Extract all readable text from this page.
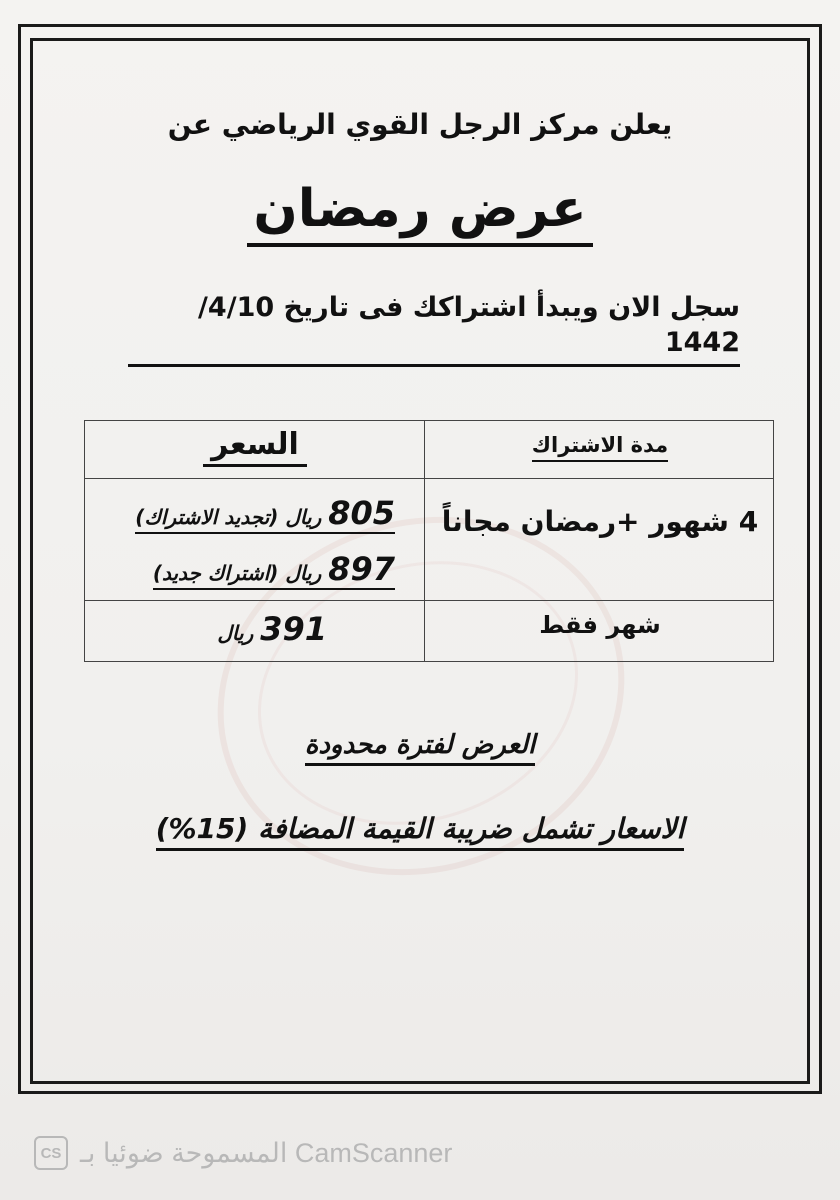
يعلن مركز الرجل القوي الرياضي عن
عرض رمضان
سجل الان ويبدأ اشتراكك فى تاريخ 4/10/ 1442
مدة الاشتراك
السعر
4 شهور +رمضان مجاناً
805 ريال (تجديد الاشتراك)
897 ريال (اشتراك جديد)
شهر فقط
391 ريال
العرض لفترة محدودة
الاسعار تشمل ضريبة القيمة المضافة (15%)
CS المسموحة ضوئيا بـ CamScanner
